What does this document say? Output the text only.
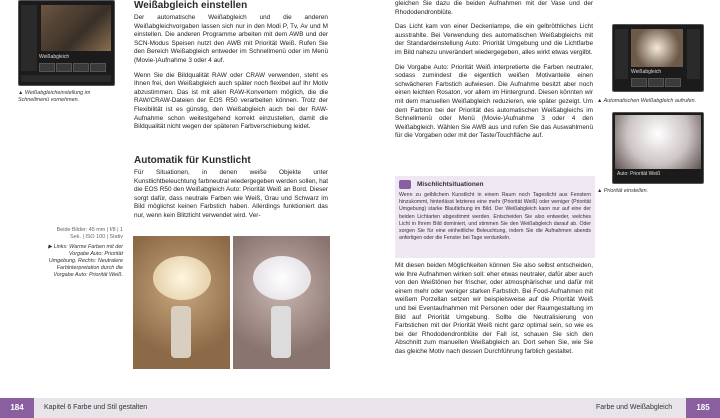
Weißabgleich
▲ Weißabgleicheinstellung im Schnellmenü vornehmen.
Weißabgleich einstellen

Der automatische Weißabgleich und die anderen Weißabgleichvorgaben lassen sich nur in den Modi P, Tv, Av und M einstellen. Die anderen Programme arbeiten mit dem AWB und der SCN-Modus Speisen nutzt den AWB mit Priorität Weiß. Rufen Sie den Bereich Weißabgleich entweder im Schnellmenü oder im Menü (Movie-)Aufnahme 3 oder 4 auf.

Wenn Sie die Bildqualität RAW oder CRAW verwenden, steht es Ihnen frei, den Weißabgleich auch später noch flexibel auf Ihr Motiv abzustimmen. Das ist mit allen RAW-Konvertern möglich, die die RAW/CRAW-Dateien der EOS R50 verarbeiten können. Trotz der Flexibilität ist es günstig, den Weißabgleich auch bei der RAW-Aufnahme schon weitestgehend korrekt einzustellen, damit die Bildqualität nicht wegen der späteren Farbverschiebung leidet.

Automatik für Kunstlicht
Für Situationen, in denen weiße Objekte unter Kunstlichtbeleuchtung farbneutral wiedergegeben werden sollen, hat die EOS R50 den Weißabgleich Auto: Priorität Weiß an Bord. Dieser sorgt dafür, dass neutrale Farben wie Weiß, Grau und Schwarz im Bild möglichst keinen Farbstich haben. Allerdings funktioniert das nur, wenn kein Blitzlicht verwendet wird. Ver-
Beide Bilder: 45 mm | f/8 | 1 Sek. | ISO 100 | Stativ
▶ Links: Warme Farben mit der Vorgabe Auto: Priorität Umgebung. Rechts: Neutralere Farbinterpretation durch die Vorgabe Auto: Priorität Weiß.

gleichen Sie dazu die beiden Aufnahmen mit der Vase und der Rhododendronblüte.

Das Licht kam von einer Deckenlampe, die ein gelbröthliches Licht ausstrahlte. Bei Verwendung des automatischen Weißabgleichs mit der Standardeinstellung Auto: Priorität Umgebung und die Lichtfarbe im Bild nahezu unverändert wiedergegeben, alles wirkt etwas vergilbt.

Die Vorgabe Auto: Priorität Weiß interpretierte die Farben neutraler, sodass zumindest die eigentlich weißen Motivanteile einen schwächeren Farbstich aufwiesen. Die Aufnahme besitzt aber noch einen leichten Rosaton, vor allem im Hintergrund. Diesen könnten wir mit dem manuellen Weißabgleich reduzieren, wie später gezeigt. Um dem Farbton bei der Priorität des automatischen Weißabgleichs im Schnellmenü oder Menü (Movie-)Aufnahme 3 oder 4 den Weißabgleich. Wählen Sie AWB aus und rufen Sie das Auswahlmenü für die Vorgaben oder mit der Taste/Touchfläche auf.

Mischlichtsituationen
Wenn zu gelblichem Kunstlicht in einem Raum noch Tageslicht aus Fenstern hinzukommt, hinterlässt letzteres eine mehr (Priorität Weiß) oder weniger (Priorität Umgebung) starke Blaufärbung im Bild. Der Weißabgleich kann nur auf eine der beiden Lichtarten abgestimmt werden. Entscheiden Sie also entweder, welches Licht in Ihrem Bild dominiert, und stimmen Sie den Weißabgleich darauf ab. Oder sorgen Sie für eine einheitliche Beleuchtung, indem Sie die Aufnahmen abends anfertigen oder die Fenster bei Tage verdunkeln.
Mit diesen beiden Möglichkeiten können Sie also selbst entscheiden, wie Ihre Aufnahmen wirken soll: eher etwas neutraler, dafür aber auch von den Weißtönen her frischer, oder atmosphärischer und dafür mit einem mehr oder weniger starken Farbstich. Bei Food-Aufnahmen mit weißem Porzellan setzen wir beispielsweise auf die Priorität Weiß und bei Eventaufnahmen mit Personen oder der Raumgestaltung im Bild auf Priorität Umgebung. Sollte die Neutralisierung von Farbstichen mit der Priorität Weiß nicht ganz optimal sein, so wie es bei der Rhododendronblüte der Fall ist, schauen Sie sich den Abschnitt zum manuellen Weißabgleich an. Dort sehen Sie, wie Sie das gleiche Motiv nach dessen Durchführung farblich gestaltet.
Weißabgleich
▲ Automatischen Weißabgleich aufrufen.
Auto: Priorität Weiß
▲ Priorität einstellen.
184	Kapitel 6 Farbe und Stil gestalten	Farbe und Weißabgleich	185
